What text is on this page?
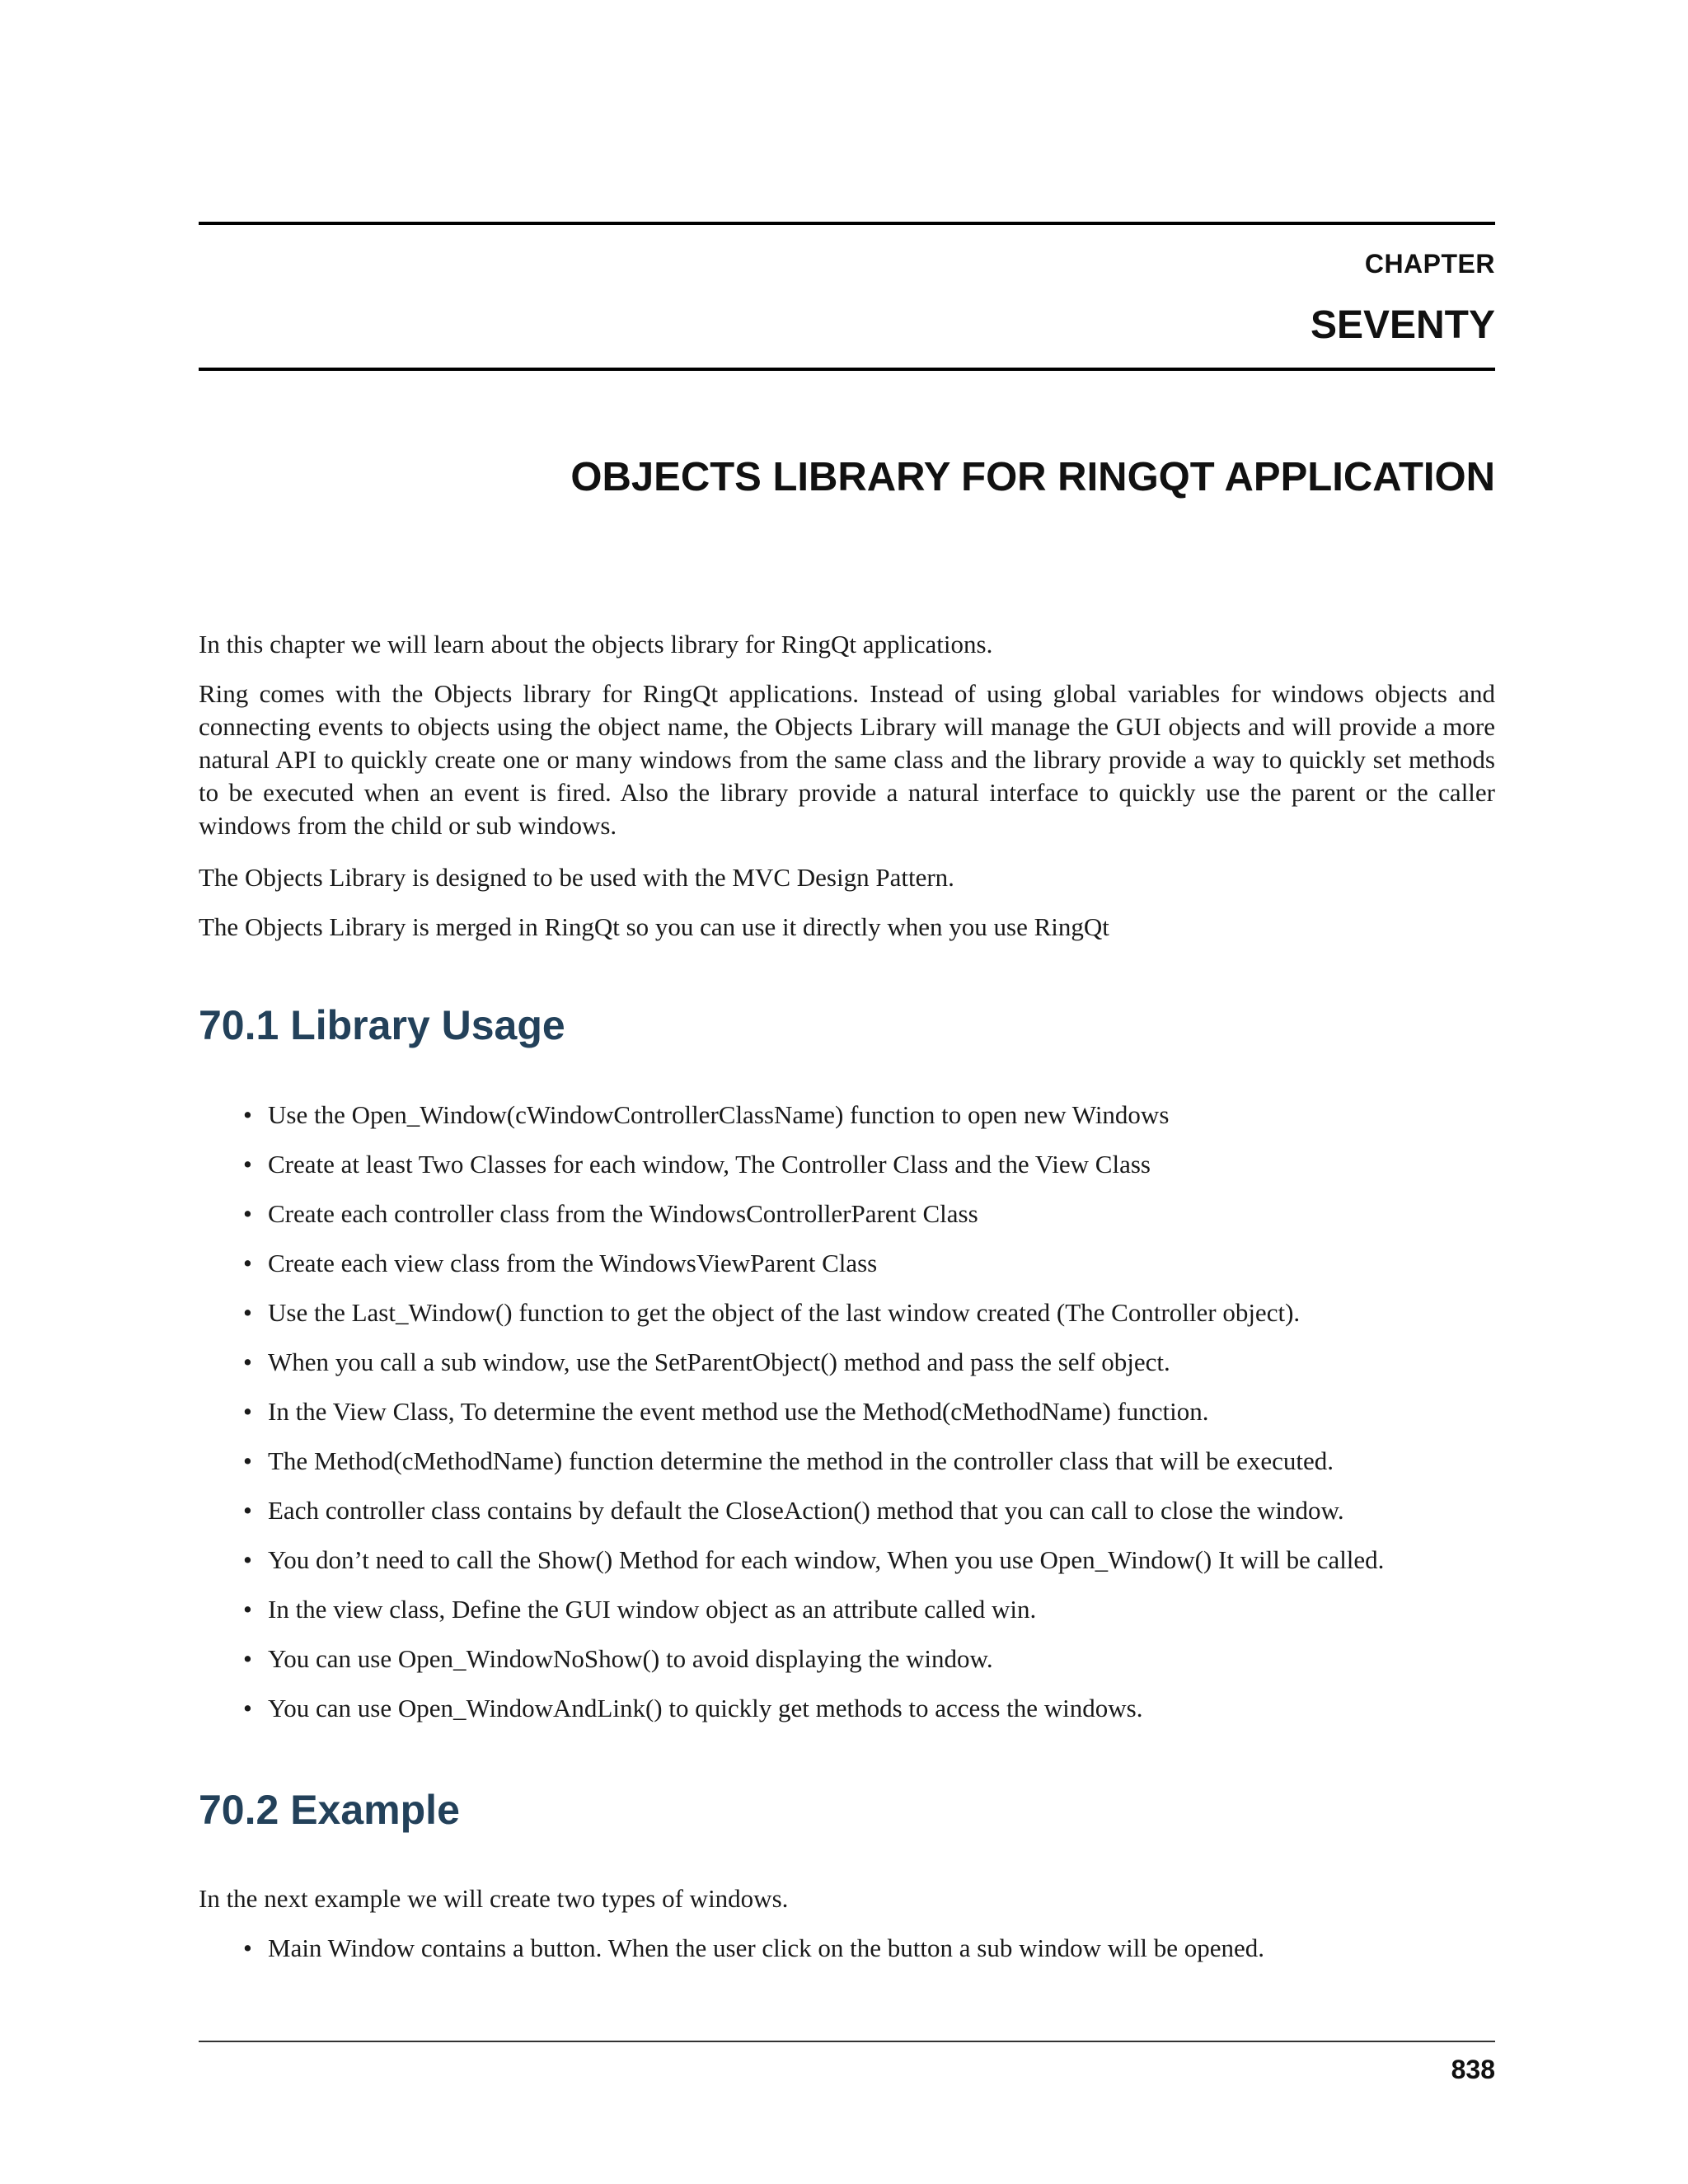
CHAPTER
SEVENTY
OBJECTS LIBRARY FOR RINGQT APPLICATION
In this chapter we will learn about the objects library for RingQt applications.
Ring comes with the Objects library for RingQt applications. Instead of using global variables for windows objects and connecting events to objects using the object name, the Objects Library will manage the GUI objects and will provide a more natural API to quickly create one or many windows from the same class and the library provide a way to quickly set methods to be executed when an event is fired. Also the library provide a natural interface to quickly use the parent or the caller windows from the child or sub windows.
The Objects Library is designed to be used with the MVC Design Pattern.
The Objects Library is merged in RingQt so you can use it directly when you use RingQt
70.1 Library Usage
• Use the Open_Window(cWindowControllerClassName) function to open new Windows
• Create at least Two Classes for each window, The Controller Class and the View Class
• Create each controller class from the WindowsControllerParent Class
• Create each view class from the WindowsViewParent Class
• Use the Last_Window() function to get the object of the last window created (The Controller object).
• When you call a sub window, use the SetParentObject() method and pass the self object.
• In the View Class, To determine the event method use the Method(cMethodName) function.
• The Method(cMethodName) function determine the method in the controller class that will be executed.
• Each controller class contains by default the CloseAction() method that you can call to close the window.
• You don’t need to call the Show() Method for each window, When you use Open_Window() It will be called.
• In the view class, Define the GUI window object as an attribute called win.
• You can use Open_WindowNoShow() to avoid displaying the window.
• You can use Open_WindowAndLink() to quickly get methods to access the windows.
70.2 Example
In the next example we will create two types of windows.
• Main Window contains a button. When the user click on the button a sub window will be opened.
838
